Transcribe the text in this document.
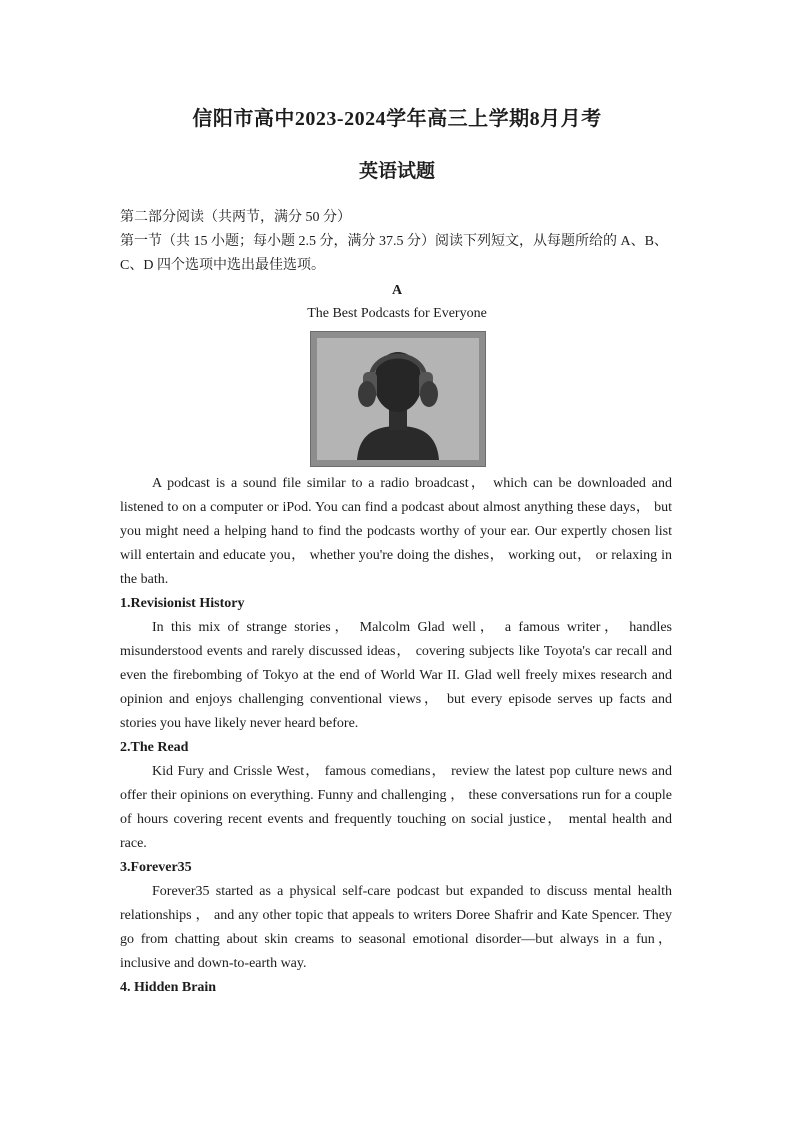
信阳市高中2023-2024学年高三上学期8月月考
英语试题

第二部分阅读（共两节，满分 50 分）

第一节（共 15 小题；每小题 2.5 分，满分 37.5 分）阅读下列短文，从每题所给的 A、B、C、D 四个选项中选出最佳选项。

A
The Best Podcasts for Everyone

A podcast is a sound file similar to a radio broadcast， which can be downloaded and listened to on a computer or iPod. You can find a podcast about almost anything these days， but you might need a helping hand to find the podcasts worthy of your ear. Our expertly chosen list will entertain and educate you， whether you're doing the dishes， working out， or relaxing in the bath.

1.Revisionist History

In this mix of strange stories， Malcolm Glad well， a famous writer， handles misunderstood events and rarely discussed ideas， covering subjects like Toyota's car recall and even the firebombing of Tokyo at the end of World War II. Glad well freely mixes research and opinion and enjoys challenging conventional views， but every episode serves up facts and stories you have likely never heard before.

2.The Read

Kid Fury and Crissle West， famous comedians， review the latest pop culture news and offer their opinions on everything. Funny and challenging ， these conversations run for a couple of hours covering recent events and frequently touching on social justice， mental health and race.

3.Forever35

Forever35 started as a physical self-care podcast but expanded to discuss mental health relationships ， and any other topic that appeals to writers Doree Shafrir and Kate Spencer. They go from chatting about skin creams to seasonal emotional disorder—but always in a fun， inclusive and down-to-earth way.

4. Hidden Brain
